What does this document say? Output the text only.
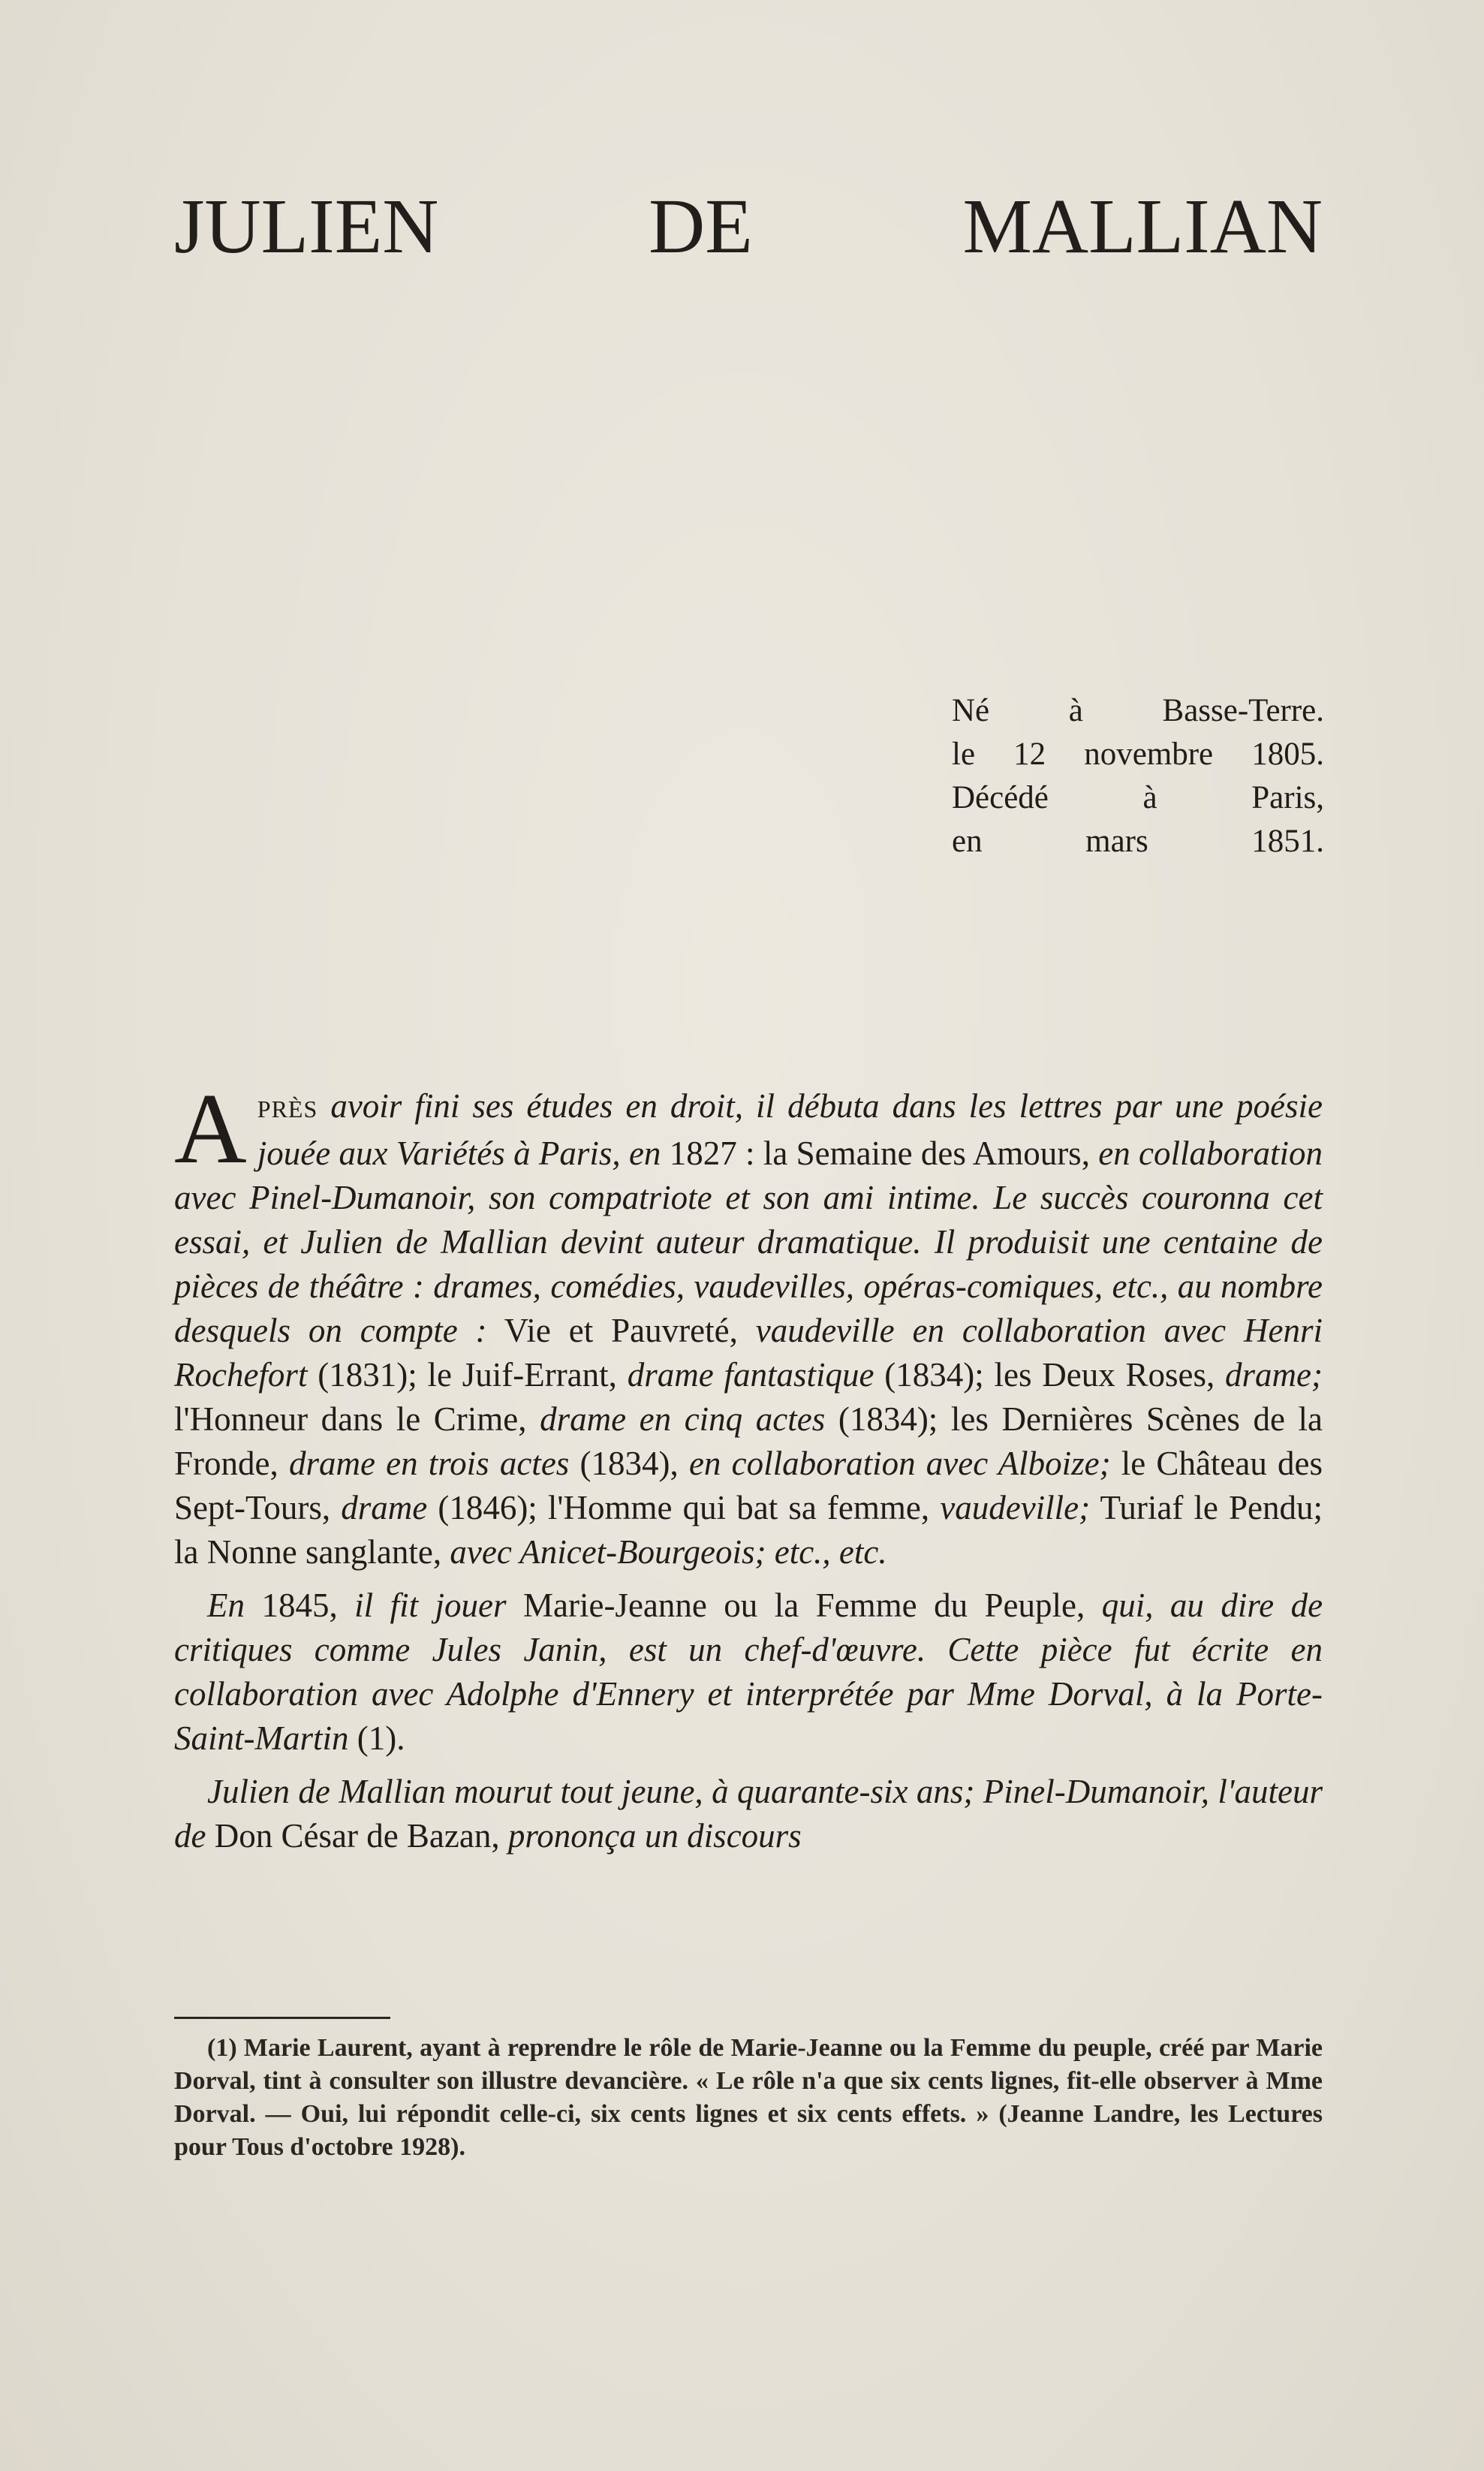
JULIEN DE MALLIAN
Né à Basse-Terre.
le 12 novembre 1805.
Décédé à Paris,
en mars 1851.

APRÈS avoir fini ses études en droit, il débuta dans les lettres par une poésie jouée aux Variétés à Paris, en 1827 : la Semaine des Amours, en collaboration avec Pinel-Dumanoir, son compatriote et son ami intime. Le succès couronna cet essai, et Julien de Mallian devint auteur dramatique. Il produisit une centaine de pièces de théâtre : drames, comédies, vaudevilles, opéras-comiques, etc., au nombre desquels on compte : Vie et Pauvreté, vaudeville en collaboration avec Henri Rochefort (1831); le Juif-Errant, drame fantastique (1834); les Deux Roses, drame; l'Honneur dans le Crime, drame en cinq actes (1834); les Dernières Scènes de la Fronde, drame en trois actes (1834), en collaboration avec Alboize; le Château des Sept-Tours, drame (1846); l'Homme qui bat sa femme, vaudeville; Turiaf le Pendu; la Nonne sanglante, avec Anicet-Bourgeois; etc., etc.

En 1845, il fit jouer Marie-Jeanne ou la Femme du Peuple, qui, au dire de critiques comme Jules Janin, est un chef-d'œuvre. Cette pièce fut écrite en collaboration avec Adolphe d'Ennery et interprétée par Mme Dorval, à la Porte-Saint-Martin (1).

Julien de Mallian mourut tout jeune, à quarante-six ans; Pinel-Dumanoir, l'auteur de Don César de Bazan, prononça un discours

(1) Marie Laurent, ayant à reprendre le rôle de Marie-Jeanne ou la Femme du peuple, créé par Marie Dorval, tint à consulter son illustre devancière. « Le rôle n'a que six cents lignes, fit-elle observer à Mme Dorval. — Oui, lui répondit celle-ci, six cents lignes et six cents effets. » (Jeanne Landre, les Lectures pour Tous d'octobre 1928).
